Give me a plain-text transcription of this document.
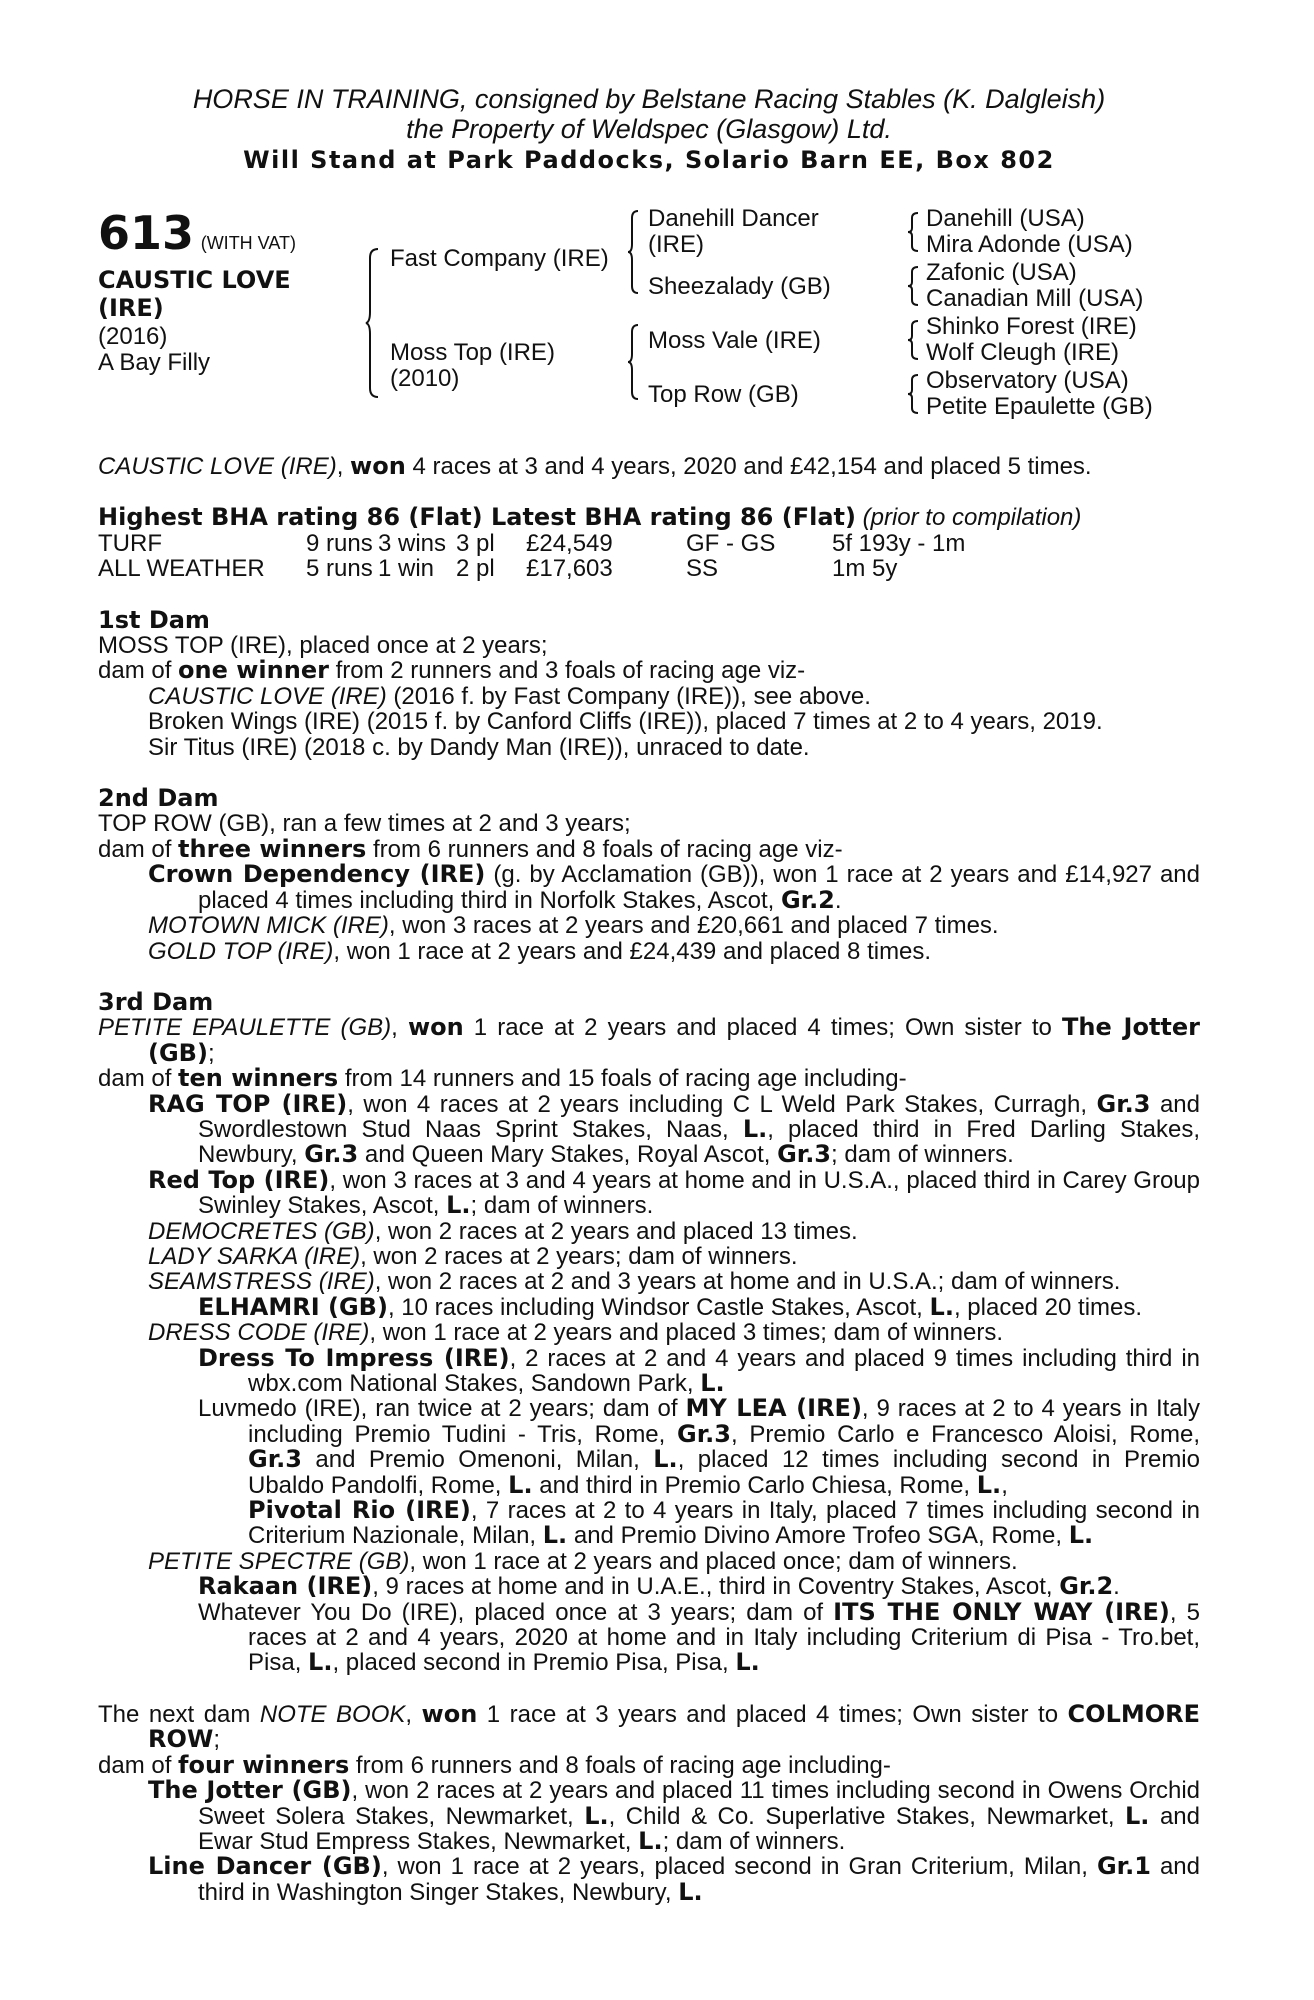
HORSE IN TRAINING, consigned by Belstane Racing Stables (K. Dalgleish)
the Property of Weldspec (Glasgow) Ltd.
Will Stand at Park Paddocks, Solario Barn EE, Box 802
613 (WITH VAT)
CAUSTIC LOVE
(IRE)
(2016)
A Bay Filly
Fast Company (IRE)
Moss Top (IRE)
(2010)
Danehill Dancer
(IRE)
Sheezalady (GB)
Moss Vale (IRE)
Top Row (GB)
Danehill (USA)
Mira Adonde (USA)
Zafonic (USA)
Canadian Mill (USA)
Shinko Forest (IRE)
Wolf Cleugh (IRE)
Observatory (USA)
Petite Epaulette (GB)

CAUSTIC LOVE (IRE), won 4 races at 3 and 4 years, 2020 and £42,154 and placed 5 times.

Highest BHA rating 86 (Flat) Latest BHA rating 86 (Flat) (prior to compilation)

TURF	9 runs	3 wins	3 pl	£24,549	GF - GS	5f 193y - 1m
ALL WEATHER	5 runs	1 win	2 pl	£17,603	SS	1m 5y

1st Dam

MOSS TOP (IRE), placed once at 2 years;

dam of one winner from 2 runners and 3 foals of racing age viz-

CAUSTIC LOVE (IRE) (2016 f. by Fast Company (IRE)), see above.

Broken Wings (IRE) (2015 f. by Canford Cliffs (IRE)), placed 7 times at 2 to 4 years, 2019.

Sir Titus (IRE) (2018 c. by Dandy Man (IRE)), unraced to date.

2nd Dam

TOP ROW (GB), ran a few times at 2 and 3 years;

dam of three winners from 6 runners and 8 foals of racing age viz-

Crown Dependency (IRE) (g. by Acclamation (GB)), won 1 race at 2 years and £14,927 and placed 4 times including third in Norfolk Stakes, Ascot, Gr.2.

MOTOWN MICK (IRE), won 3 races at 2 years and £20,661 and placed 7 times.

GOLD TOP (IRE), won 1 race at 2 years and £24,439 and placed 8 times.

3rd Dam

PETITE EPAULETTE (GB), won 1 race at 2 years and placed 4 times; Own sister to The Jotter (GB);

dam of ten winners from 14 runners and 15 foals of racing age including-

RAG TOP (IRE), won 4 races at 2 years including C L Weld Park Stakes, Curragh, Gr.3 and Swordlestown Stud Naas Sprint Stakes, Naas, L., placed third in Fred Darling Stakes, Newbury, Gr.3 and Queen Mary Stakes, Royal Ascot, Gr.3; dam of winners.

Red Top (IRE), won 3 races at 3 and 4 years at home and in U.S.A., placed third in Carey Group Swinley Stakes, Ascot, L.; dam of winners.

DEMOCRETES (GB), won 2 races at 2 years and placed 13 times.

LADY SARKA (IRE), won 2 races at 2 years; dam of winners.

SEAMSTRESS (IRE), won 2 races at 2 and 3 years at home and in U.S.A.; dam of winners.

ELHAMRI (GB), 10 races including Windsor Castle Stakes, Ascot, L., placed 20 times.

DRESS CODE (IRE), won 1 race at 2 years and placed 3 times; dam of winners.

Dress To Impress (IRE), 2 races at 2 and 4 years and placed 9 times including third in wbx.com National Stakes, Sandown Park, L.

Luvmedo (IRE), ran twice at 2 years; dam of MY LEA (IRE), 9 races at 2 to 4 years in Italy including Premio Tudini - Tris, Rome, Gr.3, Premio Carlo e Francesco Aloisi, Rome, Gr.3 and Premio Omenoni, Milan, L., placed 12 times including second in Premio Ubaldo Pandolfi, Rome, L. and third in Premio Carlo Chiesa, Rome, L.,
Pivotal Rio (IRE), 7 races at 2 to 4 years in Italy, placed 7 times including second in Criterium Nazionale, Milan, L. and Premio Divino Amore Trofeo SGA, Rome, L.

PETITE SPECTRE (GB), won 1 race at 2 years and placed once; dam of winners.

Rakaan (IRE), 9 races at home and in U.A.E., third in Coventry Stakes, Ascot, Gr.2.

Whatever You Do (IRE), placed once at 3 years; dam of ITS THE ONLY WAY (IRE), 5 races at 2 and 4 years, 2020 at home and in Italy including Criterium di Pisa - Tro.bet, Pisa, L., placed second in Premio Pisa, Pisa, L.

The next dam NOTE BOOK, won 1 race at 3 years and placed 4 times; Own sister to COLMORE ROW;

dam of four winners from 6 runners and 8 foals of racing age including-

The Jotter (GB), won 2 races at 2 years and placed 11 times including second in Owens Orchid Sweet Solera Stakes, Newmarket, L., Child & Co. Superlative Stakes, Newmarket, L. and Ewar Stud Empress Stakes, Newmarket, L.; dam of winners.

Line Dancer (GB), won 1 race at 2 years, placed second in Gran Criterium, Milan, Gr.1 and third in Washington Singer Stakes, Newbury, L.
